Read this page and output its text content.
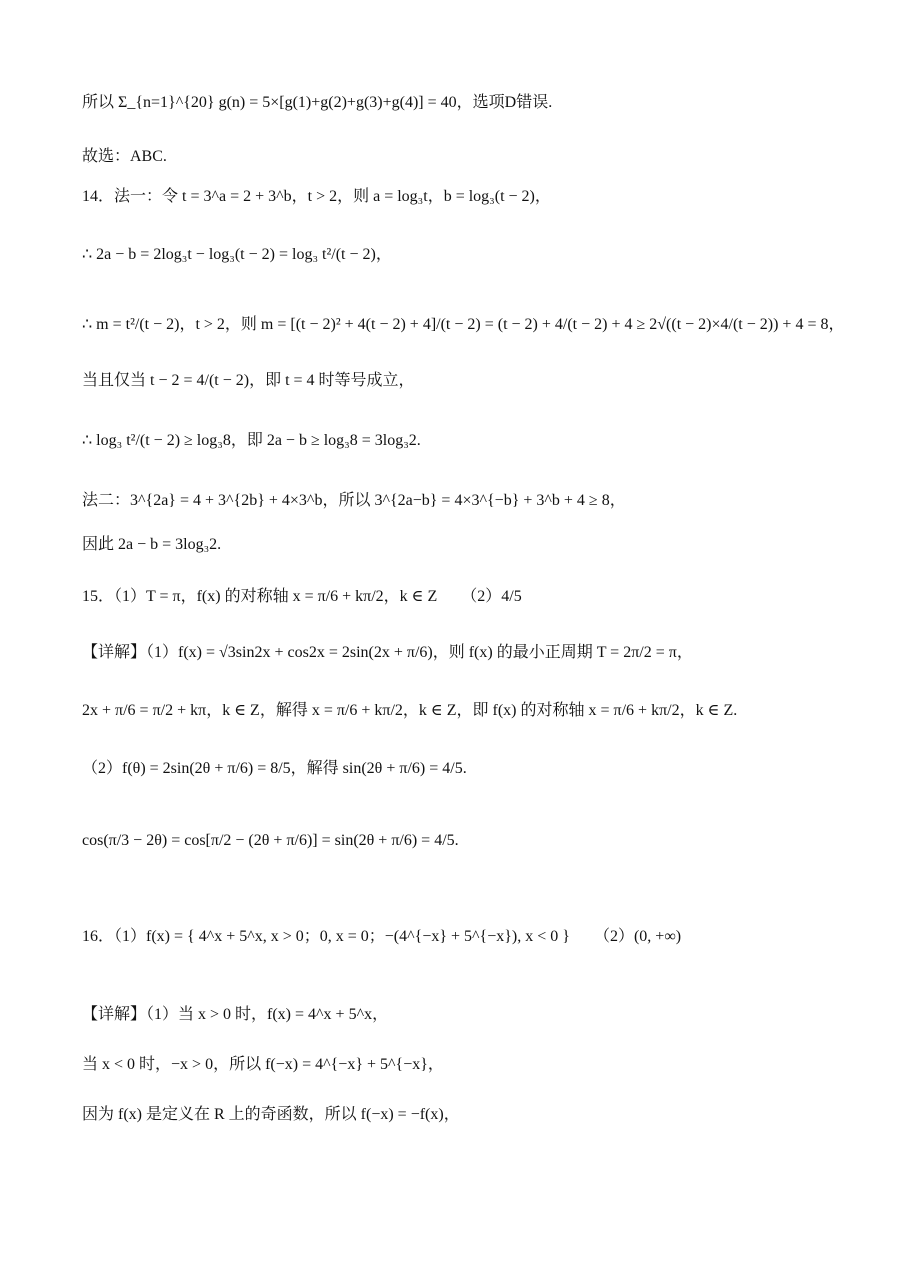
所以 Σ_{n=1}^{20} g(n) = 5×[g(1)+g(2)+g(3)+g(4)] = 40，选项D错误.
故选：ABC.
14．法一：令 t = 3^a = 2 + 3^b，t > 2，则 a = log₃t，b = log₃(t − 2)，
∴ 2a − b = 2log₃t − log₃(t − 2) = log₃ t²/(t − 2)，
∴ m = t²/(t − 2)，t > 2，则 m = [(t − 2)² + 4(t − 2) + 4]/(t − 2) = (t − 2) + 4/(t − 2) + 4 ≥ 2√((t − 2)×4/(t − 2)) + 4 = 8，
当且仅当 t − 2 = 4/(t − 2)，即 t = 4 时等号成立，
∴ log₃ t²/(t − 2) ≥ log₃8，即 2a − b ≥ log₃8 = 3log₃2.
法二：3^{2a} = 4 + 3^{2b} + 4×3^b，所以 3^{2a−b} = 4×3^{−b} + 3^b + 4 ≥ 8，
因此 2a − b = 3log₃2.
15．（1）T = π，f(x) 的对称轴 x = π/6 + kπ/2，k ∈ Z　　（2）4/5
【详解】（1）f(x) = √3sin2x + cos2x = 2sin(2x + π/6)，则 f(x) 的最小正周期 T = 2π/2 = π，
2x + π/6 = π/2 + kπ，k ∈ Z，解得 x = π/6 + kπ/2，k ∈ Z，即 f(x) 的对称轴 x = π/6 + kπ/2，k ∈ Z.
（2）f(θ) = 2sin(2θ + π/6) = 8/5，解得 sin(2θ + π/6) = 4/5.
cos(π/3 − 2θ) = cos[π/2 − (2θ + π/6)] = sin(2θ + π/6) = 4/5.
16．（1）f(x) = { 4^x + 5^x, x > 0；0, x = 0；−(4^{−x} + 5^{−x}), x < 0 }　　（2）(0, +∞)
【详解】（1）当 x > 0 时，f(x) = 4^x + 5^x，
当 x < 0 时，−x > 0，所以 f(−x) = 4^{−x} + 5^{−x}，
因为 f(x) 是定义在 R 上的奇函数，所以 f(−x) = −f(x)，
